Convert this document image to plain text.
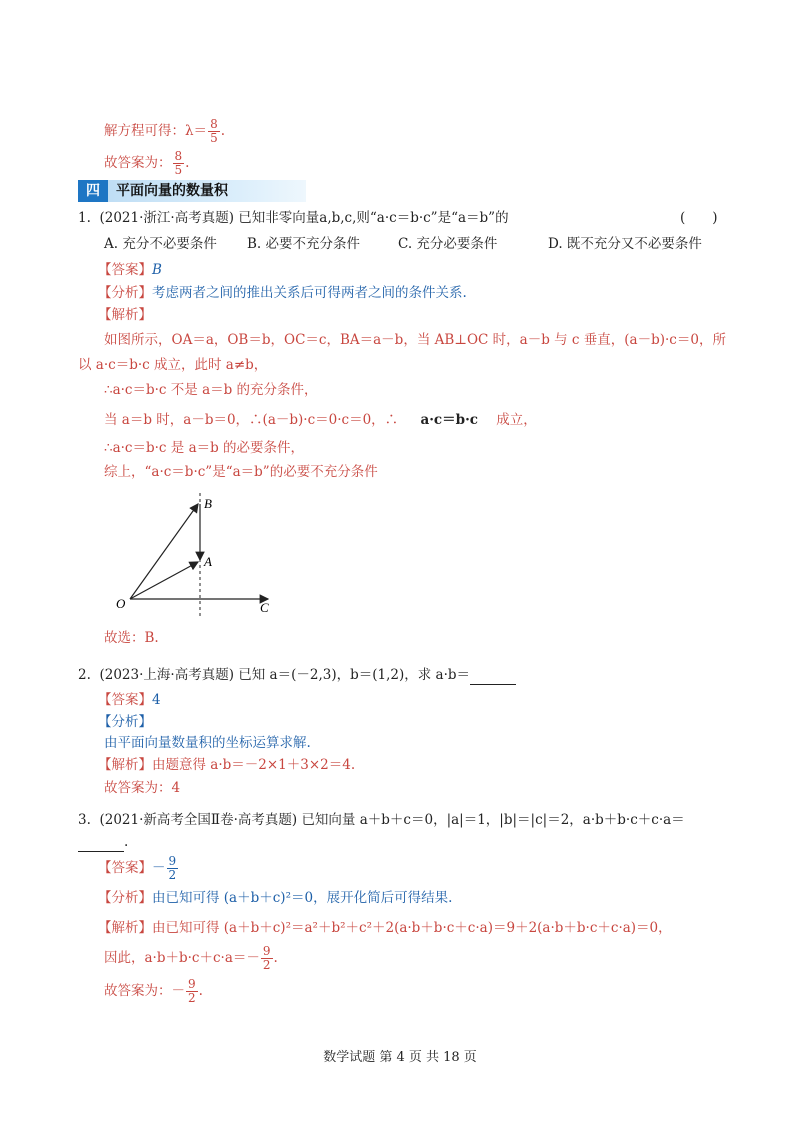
解方程可得：$\lambda= \frac{8}{5}$ .
故答案为： $\frac{8}{5}$ .
四	平面向量的数量积
1. (2021·浙江·高考真题) 已知非零向量a,b,c,则“a·c＝b·c”是“a＝b”的	(　　)
A. 充分不必要条件 B. 必要不充分条件	C. 充分必要条件	D. 既不充分又不必要条件
【答案】B
【分析】考虑两者之间的推出关系后可得两者之间的条件关系.
【解析】
如图所示，OA＝a，OB＝b，OC＝c，BA＝a－b，当 AB⊥OC 时，a－b 与 c 垂直，(a－b)·c＝0，所
以 a·c＝b·c 成立，此时 a≠b，
∴a·c＝b·c 不是 a＝b 的充分条件，
当 a＝b 时，a－b＝0，∴(a－b)·c＝0·c＝0，∴ a·c＝b·c 成立，
∴a·c＝b·c 是 a＝b 的必要条件，
综上，“a·c＝b·c”是“a＝b”的必要不充分条件
B
A
O	C
故选：B.
2. (2023·上海·高考真题) 已知 a＝(－2,3)，b＝(1,2)，求 a·b＝
【答案】4
【分析】
由平面向量数量积的坐标运算求解.
【解析】由题意得 a·b＝－2×1＋3×2＝4.
故答案为：4
3. (2021·新高考全国Ⅱ卷·高考真题) 已知向量 a＋b＋c＝0，|a|＝1，|b|＝|c|＝2，a·b＋b·c＋c·a＝
.
【答案】－ $\frac{9}{2}$
【分析】由已知可得 (a＋b＋c)²＝0，展开化简后可得结果.
【解析】由已知可得 (a＋b＋c)²＝a²＋b²＋c²＋2(a·b＋b·c＋c·a)＝9＋2(a·b＋b·c＋c·a)＝0，
因此，$a\cdot b+b\cdot c+c\cdot a=- \frac{9}{2}$ .
故答案为：－ $\frac{9}{2}$ .
数学试题 第 4 页 共 18 页
